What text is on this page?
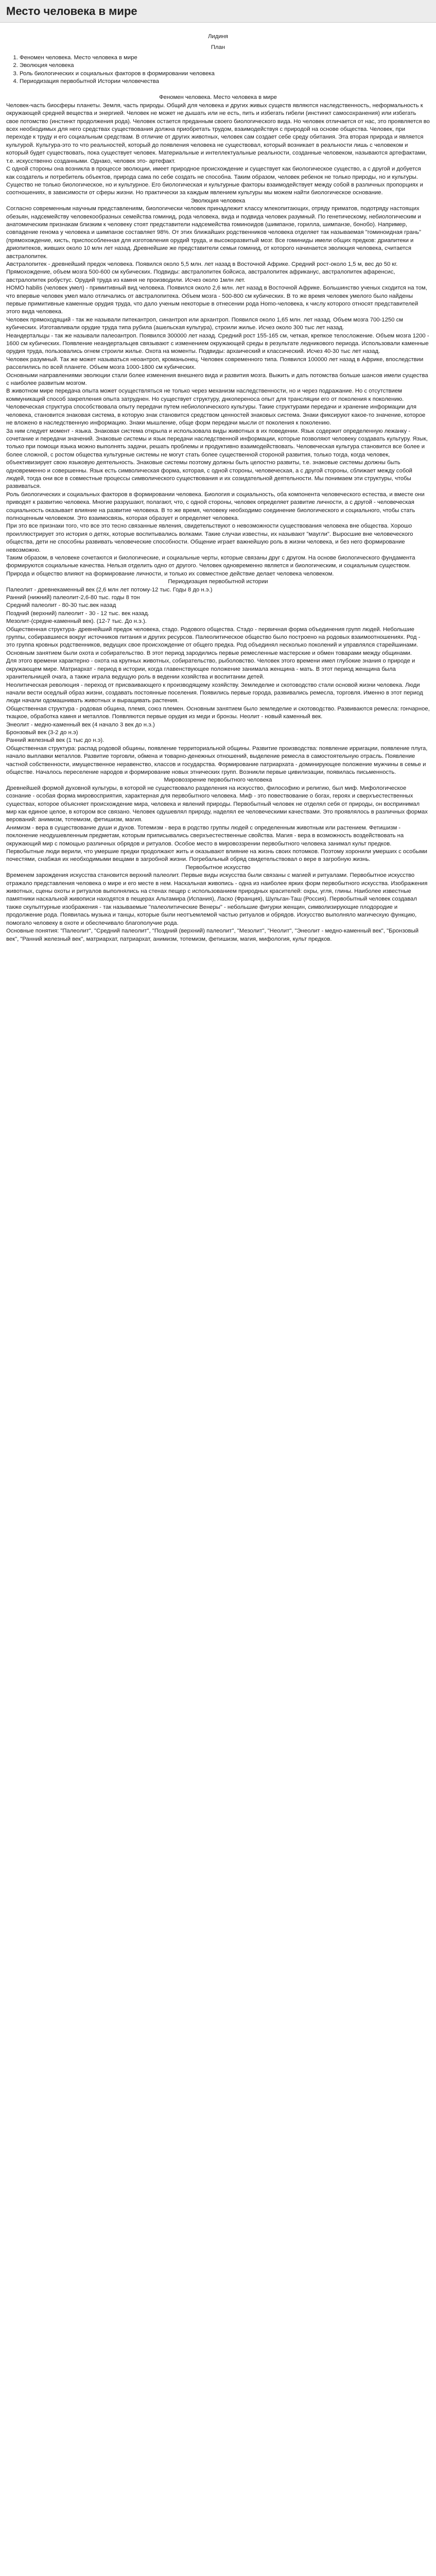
Место человека в мире

Лидиня

План

1. Феномен человека. Место человека в мире
2. Эволюция человека
3. Роль биологических и социальных факторов в формировании человека
4. Периодизация первобытной Истории человечества

Феномен человека. Место человека в мире

Человек-часть биосферы планеты. Земля, часть природы. Общий для человека и других живых существ являются наследственность, неформальность к окружающей средней вещества и энергией. Человек не может не дышать или не есть, пить и избегать гибели (инстинкт самосохранения) или избегать свое потомство (инстинкт продолжения рода). Человек остается преданным своего биологического вида. Но человек отличается от нас, это проявляется во всех необходимых для него средствах существования должна приобретать трудом, взаимодействуя с природой на основе общества. Человек, при переходе к труду и его социальным средствам. В отличие от других животных, человек сам создает себе среду обитания. Эта вторая природа и является культурой. Культура-это то что реальностей, который до появления человека не существовал, который возникает в реальности лишь с человеком и который будет существовать, пока существует человек. Материальные и интеллектуальные реальности, созданные человеком, называются артефактами, т.е. искусственно созданными. Однако, человек это- артефакт.

С одной стороны она возникла в процессе эволюции, имеет природное происхождение и существует как биологическое существо, а с другой и добуется как создатель и потребитель объектов, природа сама по себе создать не способна. Таким образом, человек ребенок не только природы, но и культуры. Существо не только биологическое, но и культурное. Его биологическая и культурные факторы взаимодействует между собой в различных пропорциях и соотношениях, в зависимости от сферы жизни. Но практически за каждым явлением культуры мы можем найти биологическое основание.

Эволюция человека

Согласно современным научным представлениям, биологически человек принадлежит классу млекопитающих, отряду приматов, подотряду настоящих обезьян, надсемейству человекообразных семейства гоминид, рода человека, вида и подвида человек разумный. По генетическому, небиологическим и анатомическим признакам близким к человеку стоят представители надсемейства гоминоидов (шимпанзе, горилла, шимпанзе, бонобо). Например, совпадение генома у человека и шимпанзе составляет 98%. От этих ближайших родственников человека отделяет так называемая "гоминоидная грань" (прямохождение, кисть, приспособленная для изготовления орудий труда, и высокоразвитый мозг. Все гоминиды имели общих предков: дриапитеки и дриопитеков, живших около 10 млн лет назад. Древнейшие же представители семьи гоминид, от которого начинается эволюция человека, считается австралопитек.

Австралопитек - древнейший предок человека. Появился около 5,5 млн. лет назад в Восточной Африке. Средний рост-около 1,5 м, вес до 50 кг. Прямохождение, объем мозга 500-600 см кубических. Подвиды: австралопитек бойсиса, австралопитек африканус, австралопитек афаренсис, австралопитек робустус. Орудий труда из камня не производили. Исчез около 1млн лет.

HOMO habilis (человек умел) - примитивный вид человека. Появился около 2,6 млн. лет назад в Восточной Африке. Большинство ученых сходится на том, что впервые человек умел мало отличались от австралопитека. Объем мозга - 500-800 см кубических. В то же время человек умелого было найдены первые примитивные каменные орудия труда, что дало ученым некоторые в отнесении рода Homo-человека, к числу которого относят представителей этого вида человека.

Человек прямоходящий - так же называли питекантроп, синантроп или архантроп. Появился около 1,65 млн. лет назад. Объем мозга 700-1250 см кубических. Изготавливали орудие труда типа рубила (ашельская культура), строили жилье. Исчез около 300 тыс лет назад.

Неандертальцы - так же называли палеоантроп. Появился 300000 лет назад. Средний рост 155-165 см, четкая, крепкое телосложение. Объем мозга 1200 - 1600 см кубических. Появление неандертальцев связывают с изменением окружающей среды в результате ледникового периода. Использовали каменные орудия труда, пользовались огнем строили жилье. Охота на моменты. Подвиды: архаический и классический. Исчез 40-30 тыс лет назад.

Человек разумный. Так же может называться неоантроп, кроманьонец. Человек современного типа. Появился 100000 лет назад в Африке, впоследствии расселились по всей планете. Объем мозга 1000-1800 см кубических.

Основными направлениями эволюции стали более изменения внешнего вида и развития мозга. Выжить и дать потомства больше шансов имели существа с наиболее развитым мозгом.

В животном мире передача опыта может осуществляться не только через механизм наследственности, но и через подражание. Но с отсутствием коммуникаций способ закрепления опыта затруднен. Но существует структуру, днкопереноса опыт для трансляции его от поколения к поколению. Человеческая структура способствовала опыту передачи путем небиологического культуры. Такие структурами передачи и хранение информации для человека, становится знаковая система, в которую знак становится средством ценностей знаковых система. Знаки фиксируют какое-то значение, которое не вложено в наследственную информацию. Знаки мышление, обще форм передачи мысли от поколения к поколению.

За ним следует момент - языка. Знаковая система открыла и использовала виды животных в их поведении. Язык содержит определенную лежанку - сочетание и передачи значений. Знаковые системы и язык передачи наследственной информации, которые позволяют человеку создавать культуру. Язык, только при помощи языка можно выполнять задачи, решать проблемы и продуктивно взаимодействовать. Человеческая культура становится все более и более сложной, с ростом общества культурные системы не могут стать более существенной стороной развития, только тогда, когда человек, объективизирует свою языковую деятельность. Знаковые системы поэтому должны быть целостно развиты, т.е. знаковые системы должны быть одновременно и совершенны. Язык есть символическая форма, которая, с одной стороны, человеческая, а с другой стороны, сближает между собой людей, тогда они все в совместные процессы символического существования и их созидательной деятельности. Мы понимаем эти структуры, чтобы развиваться.

Роль биологических и социальных факторов в формировании человека. Биология и социальность, оба компонента человеческого естества, и вместе они приводят к развитию человека. Многие разрушают, полагают, что, с одной стороны, человек определяет развитие личности, а с другой - человеческая социальность оказывает влияние на развитие человека. В то же время, человеку необходимо соединение биологического и социального, чтобы стать полноценным человеком. Это взаимосвязь, которая образует и определяет человека.

При это все признаки того, что все это тесно связанные явления, свидетельствуют о невозможности существования человека вне общества. Хорошо проиллюстрирует это история о детях, которые воспитывались волками. Такие случаи известны, их называют "маугли". Выросшие вне человеческого общества, дети не способны развивать человеческие способности. Общение играет важнейшую роль в жизни человека, и без него формирование невозможно.

Таким образом, в человеке сочетаются и биологические, и социальные черты, которые связаны друг с другом. На основе биологического фундамента формируются социальные качества. Нельзя отделить одно от другого. Человек одновременно является и биологическим, и социальным существом. Природа и общество влияют на формирование личности, и только их совместное действие делает человека человеком.

Периодизация первобытной истории

Палеолит - древнекаменный век (2,6 млн лет потому-12 тыс. Годы 8 до н.э.)

Ранний (нижний) палеолит-2,6-80 тыс. годы 8 тон

Средний палеолит - 80-30 тыс.век назад

Поздний (верхний) палеолит - 30 - 12 тыс. век назад.

Мезолит-(средне-каменный век). (12-7 тыс. До н.э.).

Общественная структура- древнейший предок человека, стадо. Родового общества. Стадо - первичная форма объединения групп людей. Небольшие группы, собиравшиеся вокруг источников питания и других ресурсов. Палеолитическое общество было построено на родовых взаимоотношениях. Род - это группа кровных родственников, ведущих свое происхождение от общего предка. Род объединял несколько поколений и управлялся старейшинами. Основным занятием были охота и собирательство. В этот период зародились первые ремесленные мастерские и обмен товарами между общинами.

Для этого времени характерно - охота на крупных животных, собирательство, рыболовство. Человек этого времени имел глубокие знания о природе и окружающем мире. Матриархат - период в истории, когда главенствующее положение занимала женщина - мать. В этот период женщина была хранительницей очага, а также играла ведущую роль в ведении хозяйства и воспитании детей.

Неолитическая революция - переход от присваивающего к производящему хозяйству. Земледелие и скотоводство стали основой жизни человека. Люди начали вести оседлый образ жизни, создавать постоянные поселения. Появились первые города, развивались ремесла, торговля. Именно в этот период люди начали одомашнивать животных и выращивать растения.

Общественная структура - родовая община, племя, союз племен. Основным занятием было земледелие и скотоводство. Развиваются ремесла: гончарное, ткацкое, обработка камня и металлов. Появляются первые орудия из меди и бронзы. Неолит - новый каменный век.

Энеолит - медно-каменный век (4 начало 3 век до н.э.)

Бронзовый век (3-2 до н.э)

Ранний железный век (1 тыс до н.э).

Общественная структура: распад родовой общины, появление территориальной общины. Развитие производства: появление ирригации, появление плуга, начало выплавки металлов. Развитие торговли, обмена и товарно-денежных отношений, выделение ремесла в самостоятельную отрасль. Появление частной собственности, имущественное неравенство, классов и государства. Формирование патриархата - доминирующее положение мужчины в семье и обществе. Началось переселение народов и формирование новых этнических групп. Возникли первые цивилизации, появилась письменность.

Мировоззрение первобытного человека

Древнейшей формой духовной культуры, в которой не существовало разделения на искусство, философию и религию, был миф. Мифологическое сознание - особая форма мировосприятия, характерная для первобытного человека. Миф - это повествование о богах, героях и сверхъестественных существах, которое объясняет происхождение мира, человека и явлений природы. Первобытный человек не отделял себя от природы, он воспринимал мир как единое целое, в котором все связано. Человек одушевлял природу, наделял ее человеческими качествами. Это проявлялось в различных формах верований: анимизм, тотемизм, фетишизм, магия.

Анимизм - вера в существование души и духов. Тотемизм - вера в родство группы людей с определенным животным или растением. Фетишизм - поклонение неодушевленным предметам, которым приписывались сверхъестественные свойства. Магия - вера в возможность воздействовать на окружающий мир с помощью различных обрядов и ритуалов. Особое место в мировоззрении первобытного человека занимал культ предков. Первобытные люди верили, что умершие предки продолжают жить и оказывают влияние на жизнь своих потомков. Поэтому хоронили умерших с особыми почестями, снабжая их необходимыми вещами в загробной жизни. Погребальный обряд свидетельствовал о вере в загробную жизнь.

Первобытное искусство

Временем зарождения искусства становится верхний палеолит. Первые виды искусства были связаны с магией и ритуалами. Первобытное искусство отражало представления человека о мире и его месте в нем. Наскальная живопись - одна из наиболее ярких форм первобытного искусства. Изображения животных, сцены охоты и ритуалов выполнялись на стенах пещер с использованием природных красителей: охры, угля, глины. Наиболее известные памятники наскальной живописи находятся в пещерах Альтамира (Испания), Ласко (Франция), Шульган-Таш (Россия). Первобытный человек создавал также скульптурные изображения - так называемые "палеолитические Венеры" - небольшие фигурки женщин, символизирующие плодородие и продолжение рода. Появилась музыка и танцы, которые были неотъемлемой частью ритуалов и обрядов. Искусство выполняло магическую функцию, помогало человеку в охоте и обеспечивало благополучие рода.

Основные понятия: "Палеолит", "Средний палеолит", "Поздний (верхний) палеолит", "Мезолит", "Неолит", "Энеолит - медно-каменный век", "Бронзовый век", "Ранний железный век", матриархат, патриархат, анимизм, тотемизм, фетишизм, магия, мифология, культ предков.
